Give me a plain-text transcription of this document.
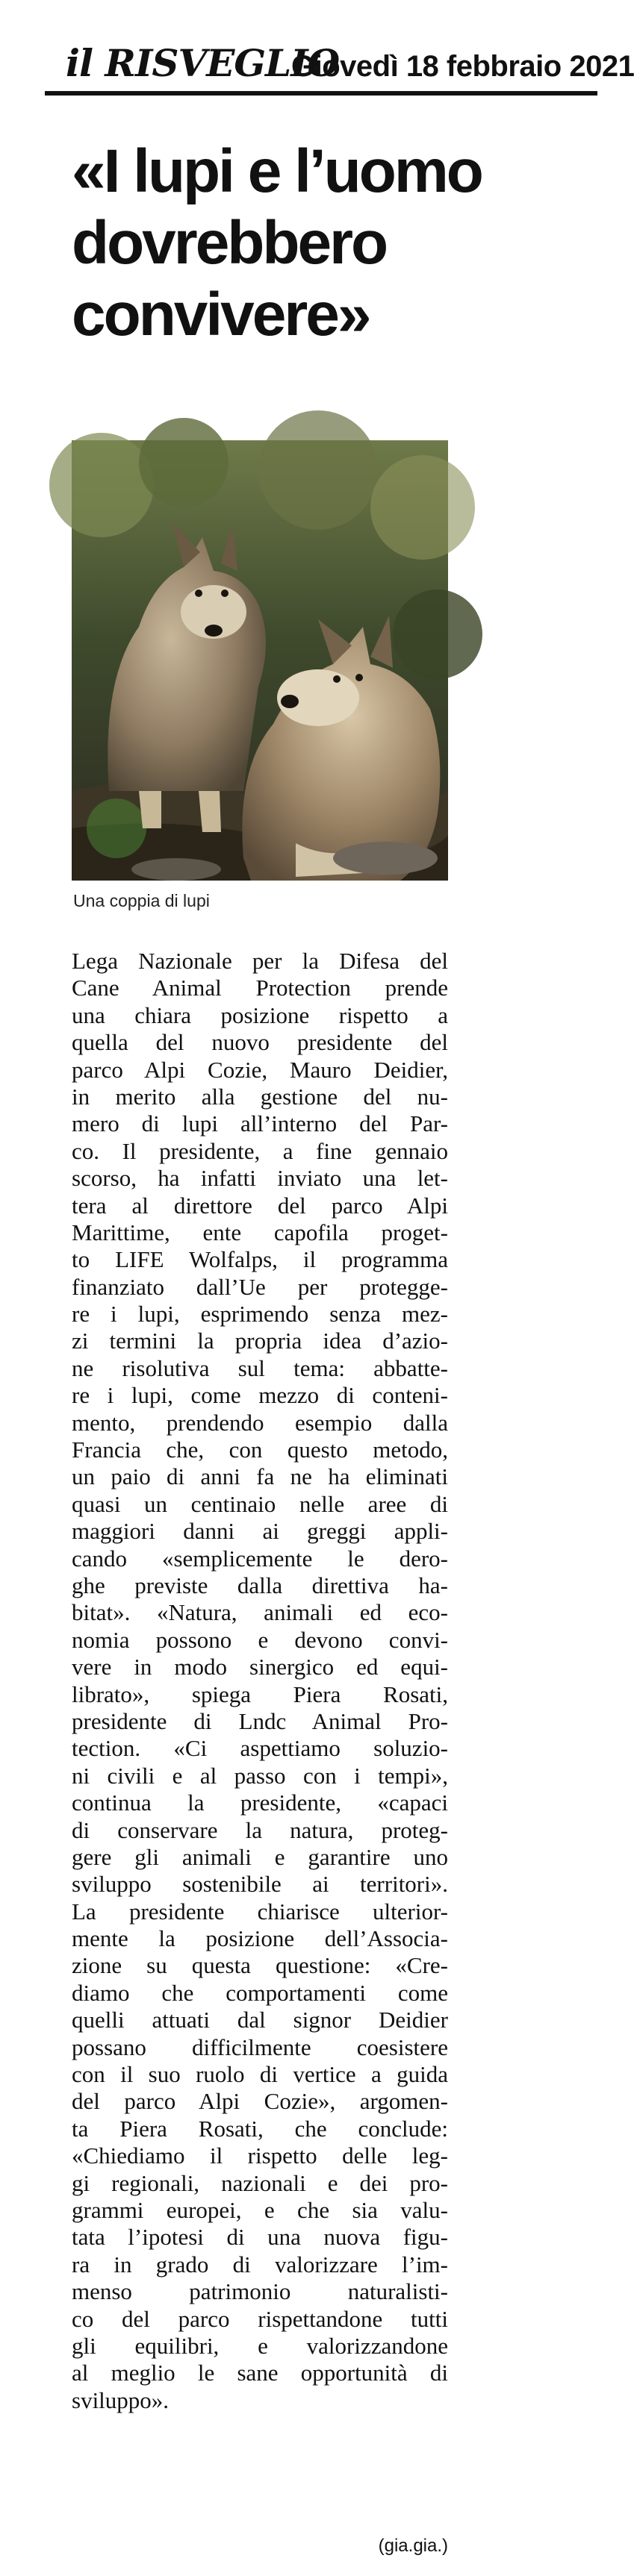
il RISVEGLIO
Giovedì 18 febbraio 2021
«I lupi e l’uomo
dovrebbero
convivere»
Una coppia di lupi
Lega Nazionale per la Difesa del
Cane Animal Protection prende
una chiara posizione rispetto a
quella del nuovo presidente del
parco Alpi Cozie, Mauro Deidier,
in merito alla gestione del nu-
mero di lupi all’interno del Par-
co. Il presidente, a fine gennaio
scorso, ha infatti inviato una let-
tera al direttore del parco Alpi
Marittime, ente capofila proget-
to LIFE Wolfalps, il programma
finanziato dall’Ue per protegge-
re i lupi, esprimendo senza mez-
zi termini la propria idea d’azio-
ne risolutiva sul tema: abbatte-
re i lupi, come mezzo di conteni-
mento, prendendo esempio dalla
Francia che, con questo metodo,
un paio di anni fa ne ha eliminati
quasi un centinaio nelle aree di
maggiori danni ai greggi appli-
cando «semplicemente le dero-
ghe previste dalla direttiva ha-
bitat». «Natura, animali ed eco-
nomia possono e devono convi-
vere in modo sinergico ed equi-
librato», spiega Piera Rosati,
presidente di Lndc Animal Pro-
tection. «Ci aspettiamo soluzio-
ni civili e al passo con i tempi»,
continua la presidente, «capaci
di conservare la natura, proteg-
gere gli animali e garantire uno
sviluppo sostenibile ai territori».
La presidente chiarisce ulterior-
mente la posizione dell’Associa-
zione su questa questione: «Cre-
diamo che comportamenti come
quelli attuati dal signor Deidier
possano difficilmente coesistere
con il suo ruolo di vertice a guida
del parco Alpi Cozie», argomen-
ta Piera Rosati, che conclude:
«Chiediamo il rispetto delle leg-
gi regionali, nazionali e dei pro-
grammi europei, e che sia valu-
tata l’ipotesi di una nuova figu-
ra in grado di valorizzare l’im-
menso patrimonio naturalisti-
co del parco rispettandone tutti
gli equilibri, e valorizzandone
al meglio le sane opportunità di
sviluppo».
(gia.gia.)
